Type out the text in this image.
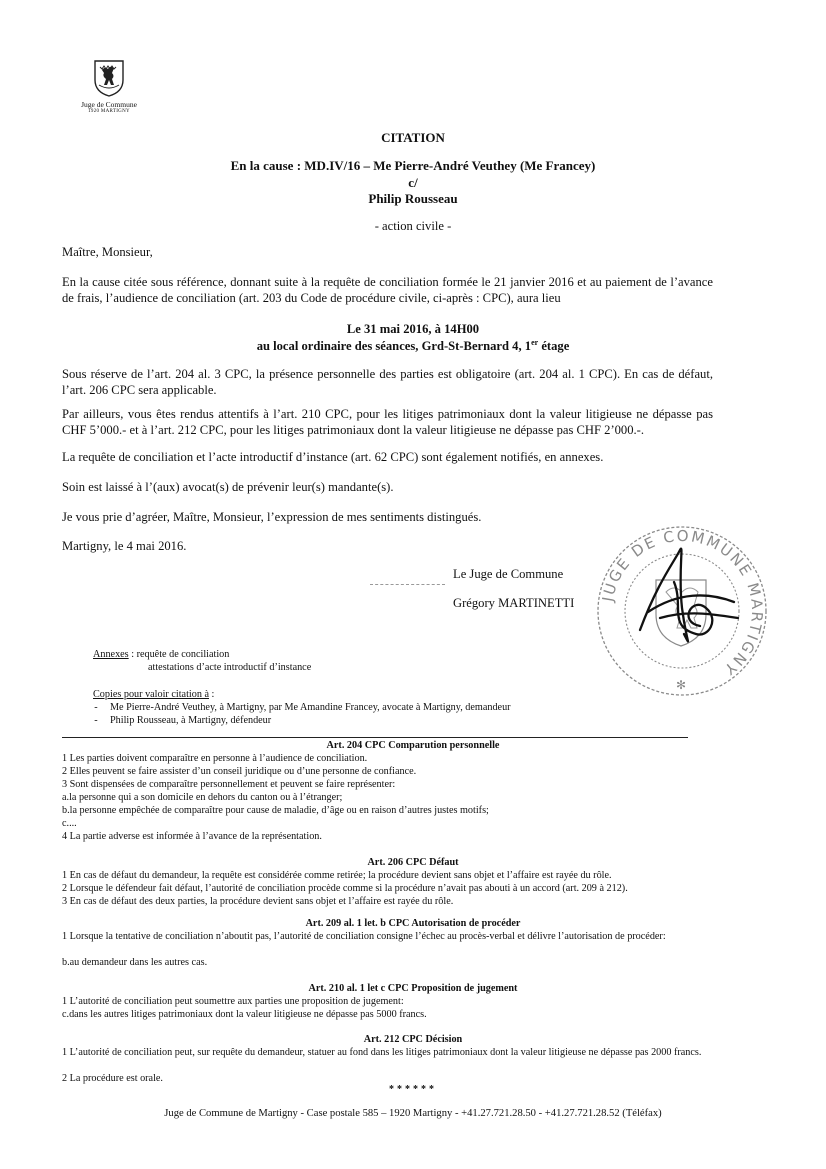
Juge de Commune
1920 MARTIGNY
CITATION
En la cause : MD.IV/16 – Me Pierre-André Veuthey (Me Francey)
c/
Philip Rousseau
- action civile -
Maître, Monsieur,
En la cause citée sous référence, donnant suite à la requête de conciliation formée le 21 janvier 2016 et au paiement de l’avance de frais, l’audience de conciliation (art. 203 du Code de procédure civile, ci-après : CPC), aura lieu
Le 31 mai 2016, à 14H00
au local ordinaire des séances, Grd-St-Bernard 4, 1er étage
Sous réserve de l’art. 204 al. 3 CPC, la présence personnelle des parties est obligatoire (art. 204 al. 1 CPC). En cas de défaut, l’art. 206 CPC sera applicable.
Par ailleurs, vous êtes rendus attentifs à l’art. 210 CPC, pour les litiges patrimoniaux dont la valeur litigieuse ne dépasse pas CHF 5’000.- et à l’art. 212 CPC, pour les litiges patrimoniaux dont la valeur litigieuse ne dépasse pas CHF 2’000.-.
La requête de conciliation et l’acte introductif d’instance (art. 62 CPC) sont également notifiés, en annexes.
Soin est laissé à l’(aux) avocat(s) de prévenir leur(s) mandante(s).
Je vous prie d’agréer, Maître, Monsieur, l’expression de mes sentiments distingués.
Martigny, le 4 mai 2016.
Le Juge de Commune
Grégory MARTINETTI JUGE DE COMMUNE MARTIGNY
✻
Annexes : requête de conciliation
attestations d’acte introductif d’instance
Copies pour valoir citation à :
- Me Pierre-André Veuthey, à Martigny, par Me Amandine Francey, avocate à Martigny, demandeur
- Philip Rousseau, à Martigny, défendeur
Art. 204 CPC Comparution personnelle
1 Les parties doivent comparaître en personne à l’audience de conciliation.
2 Elles peuvent se faire assister d’un conseil juridique ou d’une personne de confiance.
3 Sont dispensées de comparaître personnellement et peuvent se faire représenter:
a.la personne qui a son domicile en dehors du canton ou à l’étranger;
b.la personne empêchée de comparaître pour cause de maladie, d’âge ou en raison d’autres justes motifs;
c....
4 La partie adverse est informée à l’avance de la représentation.
Art. 206 CPC Défaut
1 En cas de défaut du demandeur, la requête est considérée comme retirée; la procédure devient sans objet et l’affaire est rayée du rôle.
2 Lorsque le défendeur fait défaut, l’autorité de conciliation procède comme si la procédure n’avait pas abouti à un accord (art. 209 à 212).
3 En cas de défaut des deux parties, la procédure devient sans objet et l’affaire est rayée du rôle.
Art. 209 al. 1 let. b CPC Autorisation de procéder
1 Lorsque la tentative de conciliation n’aboutit pas, l’autorité de conciliation consigne l’échec au procès-verbal et délivre l’autorisation de procéder:
b.au demandeur dans les autres cas.
Art. 210 al. 1 let c CPC Proposition de jugement
1 L’autorité de conciliation peut soumettre aux parties une proposition de jugement:
c.dans les autres litiges patrimoniaux dont la valeur litigieuse ne dépasse pas 5000 francs.
Art. 212 CPC Décision
1 L’autorité de conciliation peut, sur requête du demandeur, statuer au fond dans les litiges patrimoniaux dont la valeur litigieuse ne dépasse pas 2000 francs.
2 La procédure est orale.
******
Juge de Commune de Martigny - Case postale 585 – 1920 Martigny - +41.27.721.28.50 - +41.27.721.28.52 (Téléfax)
